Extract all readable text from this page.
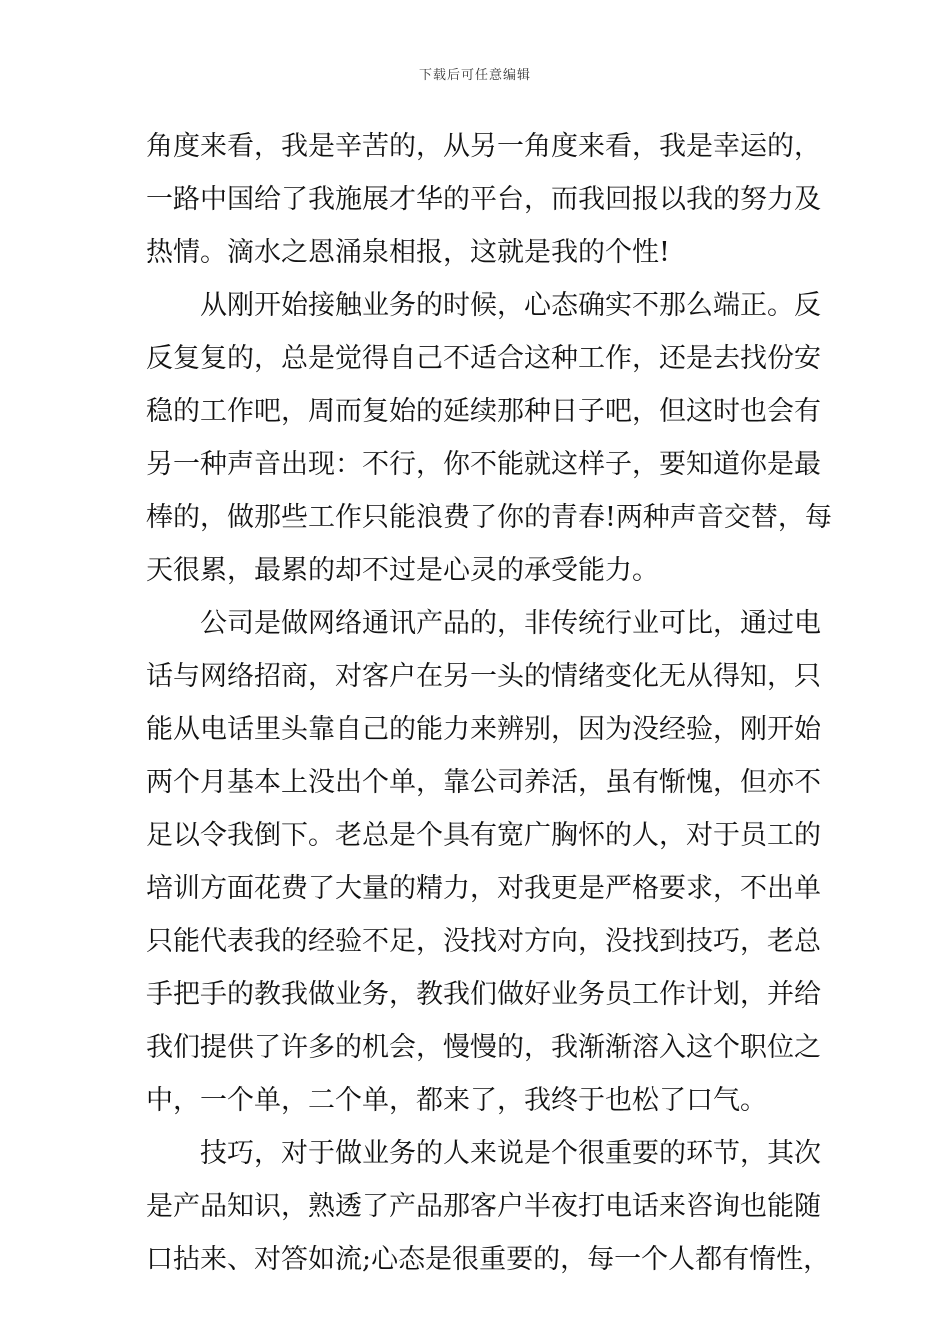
下载后可任意编辑
角度来看，我是辛苦的，从另一角度来看，我是幸运的，
一路中国给了我施展才华的平台，而我回报以我的努力及
热情。滴水之恩涌泉相报，这就是我的个性!
从刚开始接触业务的时候，心态确实不那么端正。反
反复复的，总是觉得自己不适合这种工作，还是去找份安
稳的工作吧，周而复始的延续那种日子吧，但这时也会有
另一种声音出现：不行，你不能就这样子，要知道你是最
棒的，做那些工作只能浪费了你的青春!两种声音交替，每
天很累，最累的却不过是心灵的承受能力。
公司是做网络通讯产品的，非传统行业可比，通过电
话与网络招商，对客户在另一头的情绪变化无从得知，只
能从电话里头靠自己的能力来辨别，因为没经验，刚开始
两个月基本上没出个单，靠公司养活，虽有惭愧，但亦不
足以令我倒下。老总是个具有宽广胸怀的人，对于员工的
培训方面花费了大量的精力，对我更是严格要求，不出单
只能代表我的经验不足，没找对方向，没找到技巧，老总
手把手的教我做业务，教我们做好业务员工作计划，并给
我们提供了许多的机会，慢慢的，我渐渐溶入这个职位之
中，一个单，二个单，都来了，我终于也松了口气。
技巧，对于做业务的人来说是个很重要的环节，其次
是产品知识，熟透了产品那客户半夜打电话来咨询也能随
口拈来、对答如流;心态是很重要的，每一个人都有惰性，
